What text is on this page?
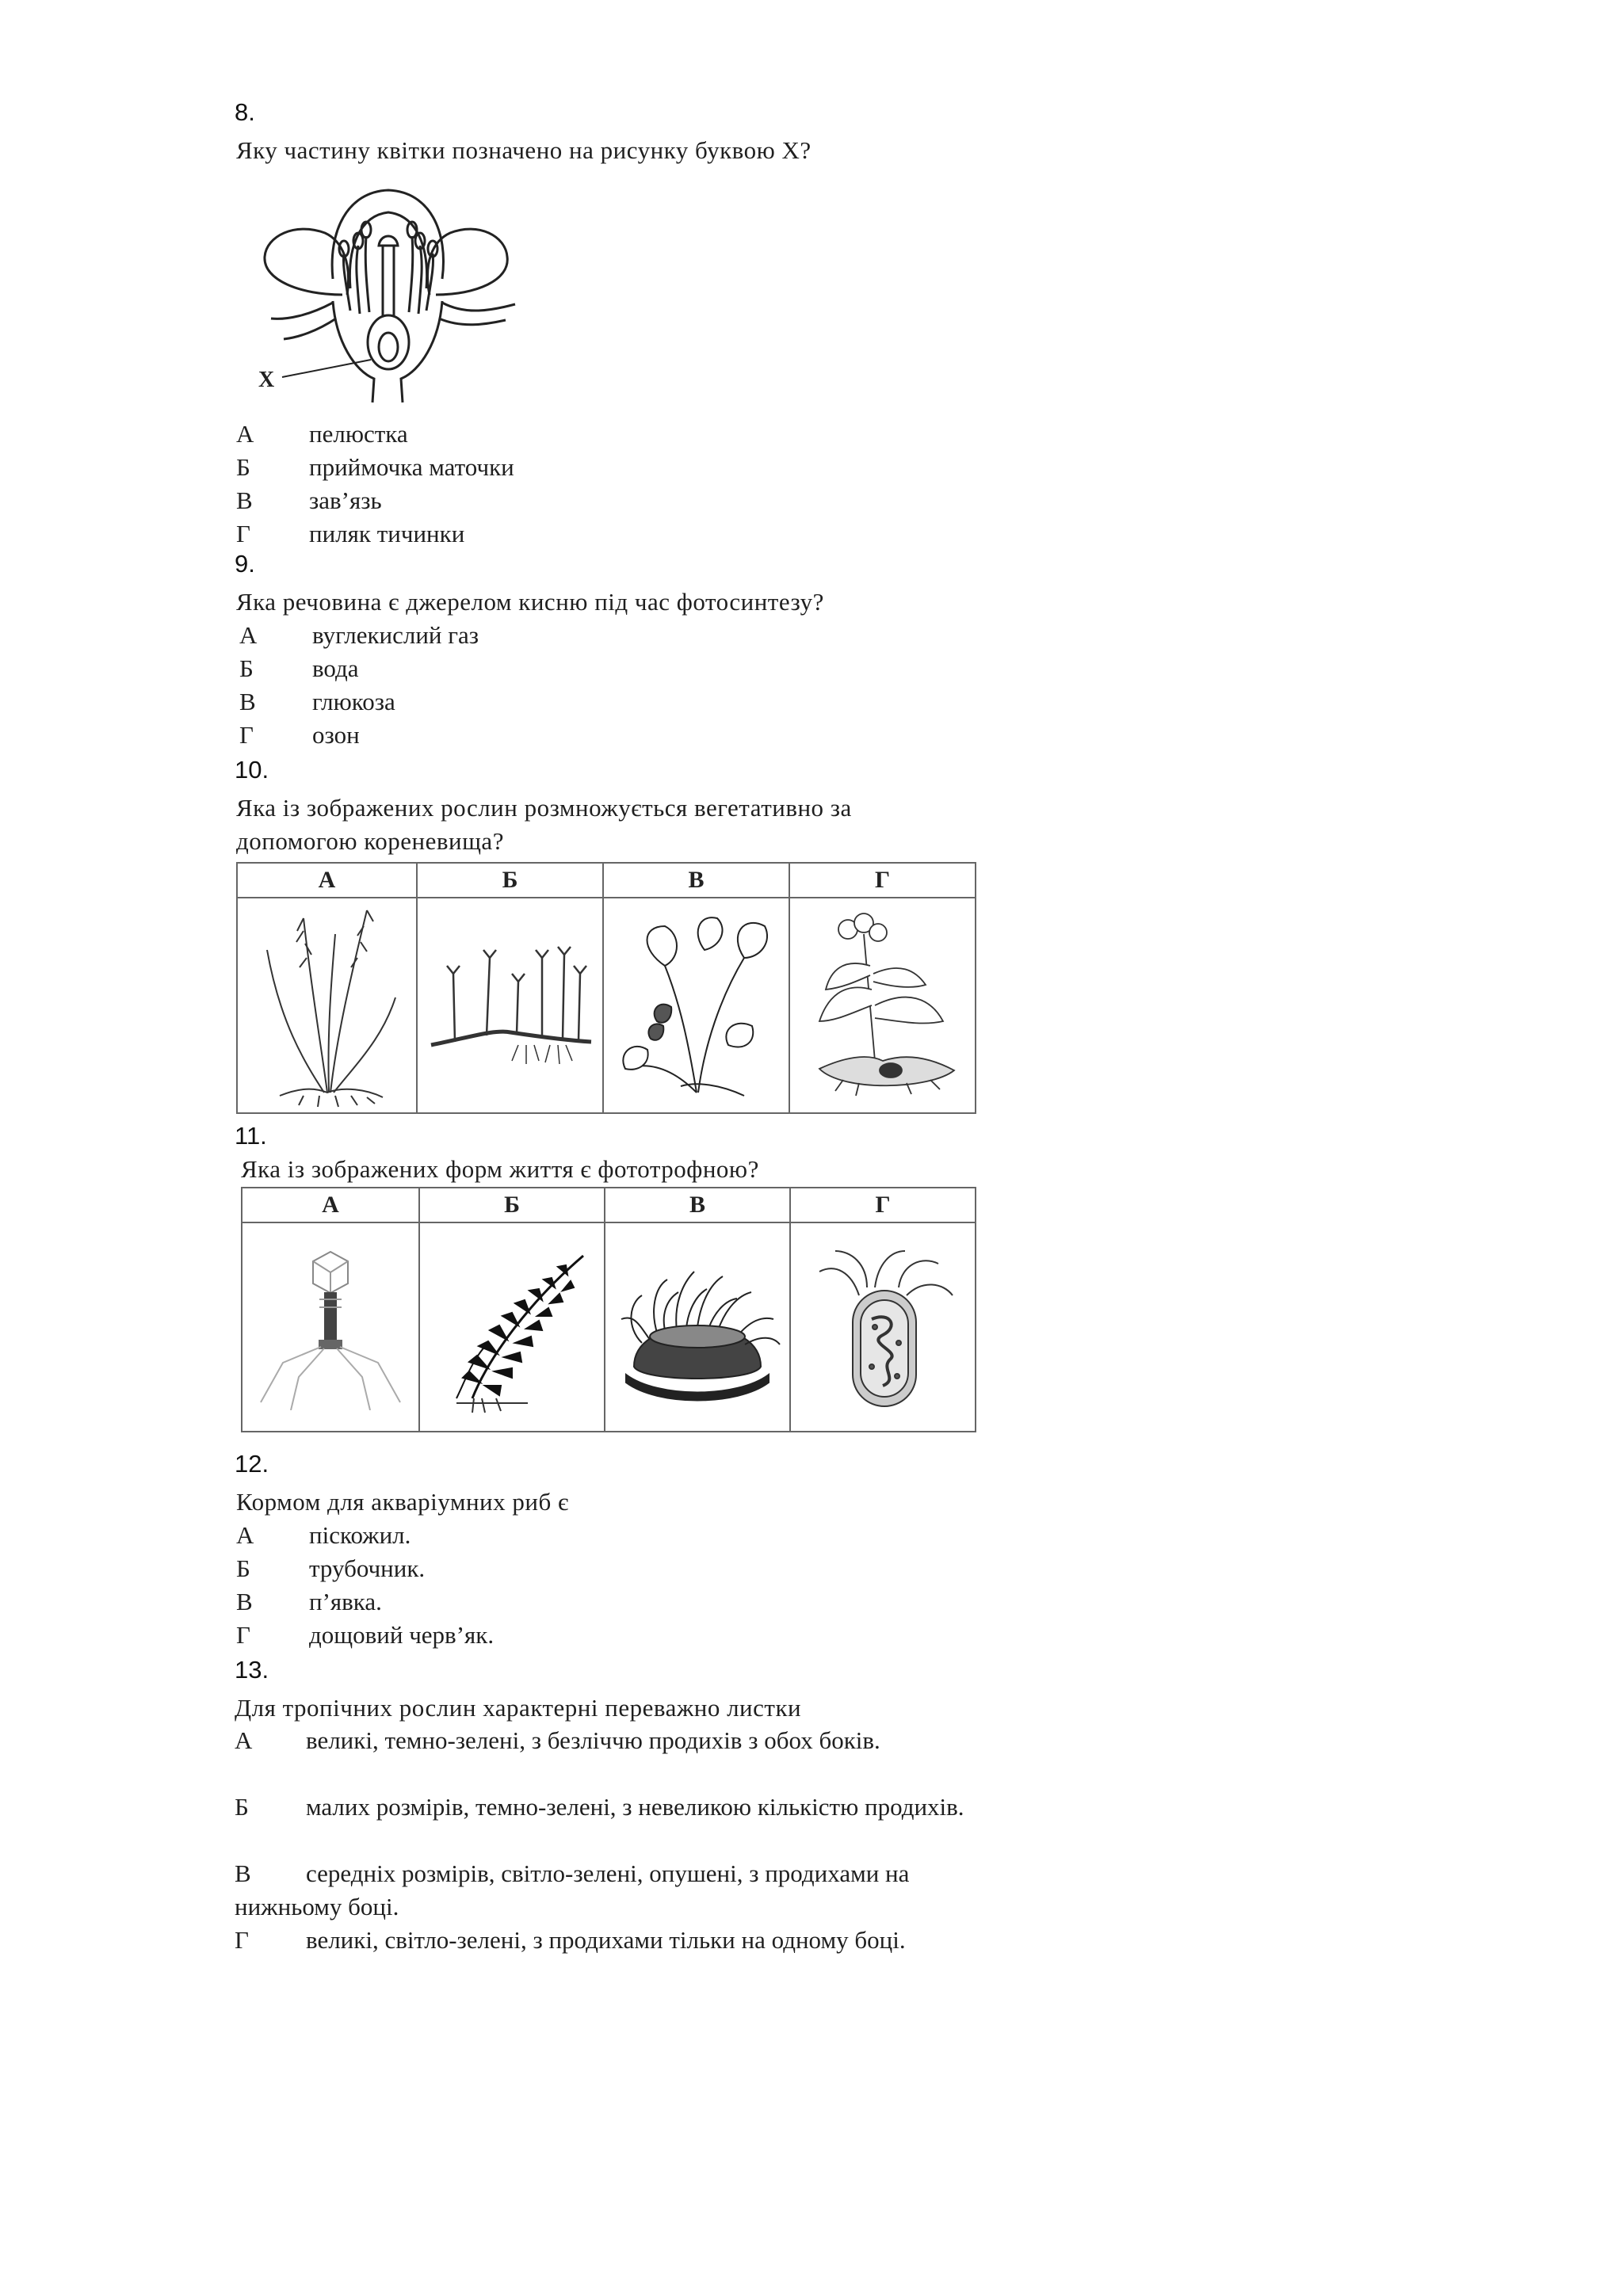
8.
Яку частину квітки позначено на рисунку буквою Х?
Х
А пелюстка
Б приймочка маточки
В зав’язь
Г пиляк тичинки
9.
Яка речовина є джерелом кисню під час фотосинтезу?
А вуглекислий газ
Б вода
В глюкоза
Г озон
10.
Яка із зображених рослин розмножується вегетативно за
допомогою кореневища?
А	Б	В	Г

11.
Яка із зображених форм життя є фототрофною?
А	Б	В	Г

12.
Кормом для акваріумних риб є
А піскожил.
Б трубочник.
В п’явка.
Г дощовий черв’як.
13.
Для тропічних рослин характерні переважно листки
А великі, темно-зелені, з безліччю продихів з обох боків.
Б малих розмірів, темно-зелені, з невеликою кількістю продихів.
В середніх розмірів, світло-зелені, опушені, з продихами на нижньому боці.
Г великі, світло-зелені, з продихами тільки на одному боці.
